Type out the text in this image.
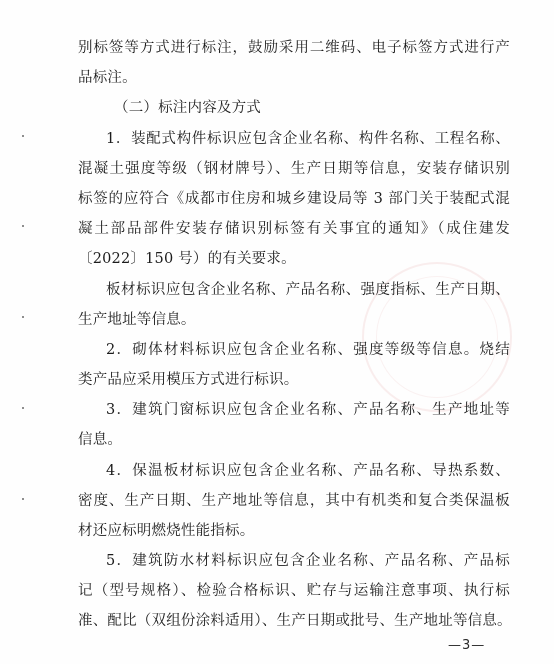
别标签等方式进行标注，鼓励采用二维码、电子标签方式进行产
品标注。
（二）标注内容及方式
1．装配式构件标识应包含企业名称、构件名称、工程名称、
混凝土强度等级（钢材牌号）、生产日期等信息，安装存储识别
标签的应符合《成都市住房和城乡建设局等 3 部门关于装配式混
凝土部品部件安装存储识别标签有关事宜的通知》（成住建发
〔2022〕150 号）的有关要求。
板材标识应包含企业名称、产品名称、强度指标、生产日期、
生产地址等信息。
2．砌体材料标识应包含企业名称、强度等级等信息。烧结
类产品应采用模压方式进行标识。
3．建筑门窗标识应包含企业名称、产品名称、生产地址等
信息。
4．保温板材标识应包含企业名称、产品名称、导热系数、
密度、生产日期、生产地址等信息，其中有机类和复合类保温板
材还应标明燃烧性能指标。
5．建筑防水材料标识应包含企业名称、产品名称、产品标
记（型号规格）、检验合格标识、贮存与运输注意事项、执行标
准、配比（双组份涂料适用）、生产日期或批号、生产地址等信息。
—3—
